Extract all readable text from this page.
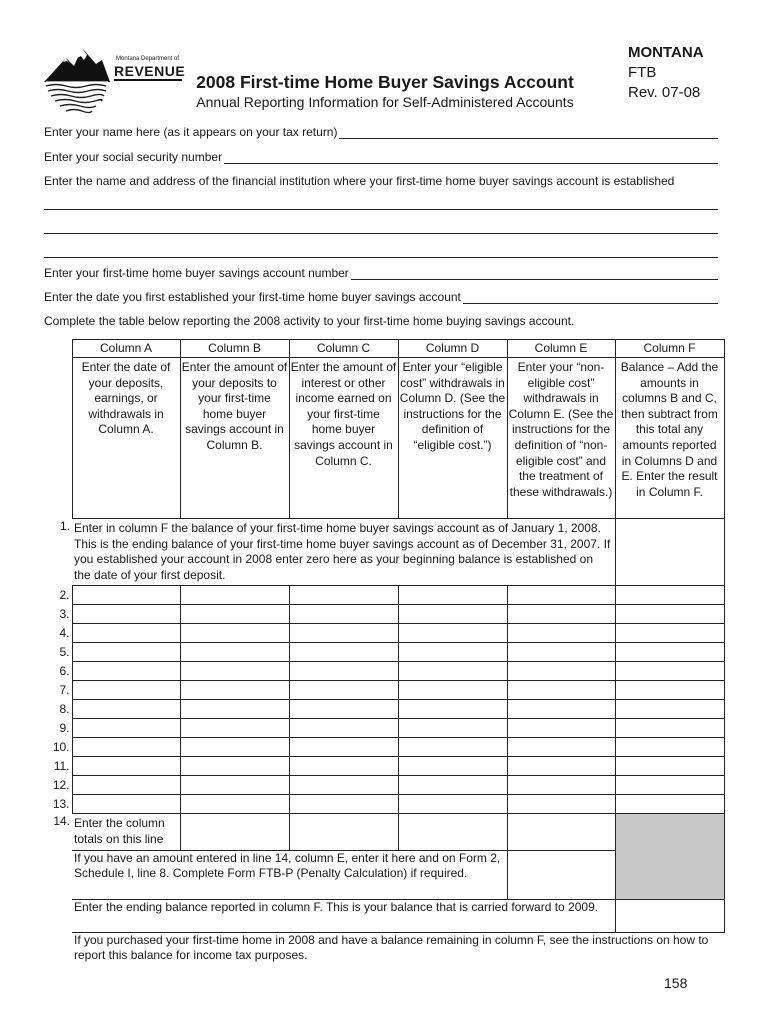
Montana Department of
REVENUE
2008 First-time Home Buyer Savings Account
Annual Reporting Information for Self-Administered Accounts
MONTANA
FTB
Rev. 07-08
Enter your name here (as it appears on your tax return)
Enter your social security number
Enter the name and address of the financial institution where your first-time home buyer savings account is established
Enter your first-time home buyer savings account number
Enter the date you first established your first-time home buyer savings account
Complete the table below reporting the 2008 activity to your first-time home buying savings account.
	Column A	Column B	Column C	Column D	Column E	Column F
	Enter the date of your deposits, earnings, or withdrawals in Column A.	Enter the amount of your deposits to your first-time home buyer savings account in Column B.	Enter the amount of interest or other income earned on your first-time home buyer savings account in Column C.	Enter your “eligible cost” withdrawals in Column D. (See the instructions for the definition of “eligible cost.”)	Enter your “non-eligible cost” withdrawals in Column E. (See the instructions for the definition of “non-eligible cost” and the treatment of these withdrawals.)	Balance – Add the amounts in columns B and C, then subtract from this total any amounts reported in Columns D and E. Enter the result in Column F.
1.	Enter in column F the balance of your first-time home buyer savings account as of January 1, 2008. This is the ending balance of your first-time home buyer savings account as of December 31, 2007. If you established your account in 2008 enter zero here as your beginning balance is established on the date of your first deposit.					
2.						
3.						
4.						
5.						
6.						
7.						
8.						
9.						
10.						
11.						
12.						
13.						
14.	Enter the column totals on this line					
	If you have an amount entered in line 14, column E, enter it here and on Form 2, Schedule I, line 8. Complete Form FTB-P (Penalty Calculation) if required.					
	Enter the ending balance reported in column F. This is your balance that is carried forward to 2009.					
	If you purchased your first-time home in 2008 and have a balance remaining in column F, see the instructions on how to report this balance for income tax purposes.					
158
